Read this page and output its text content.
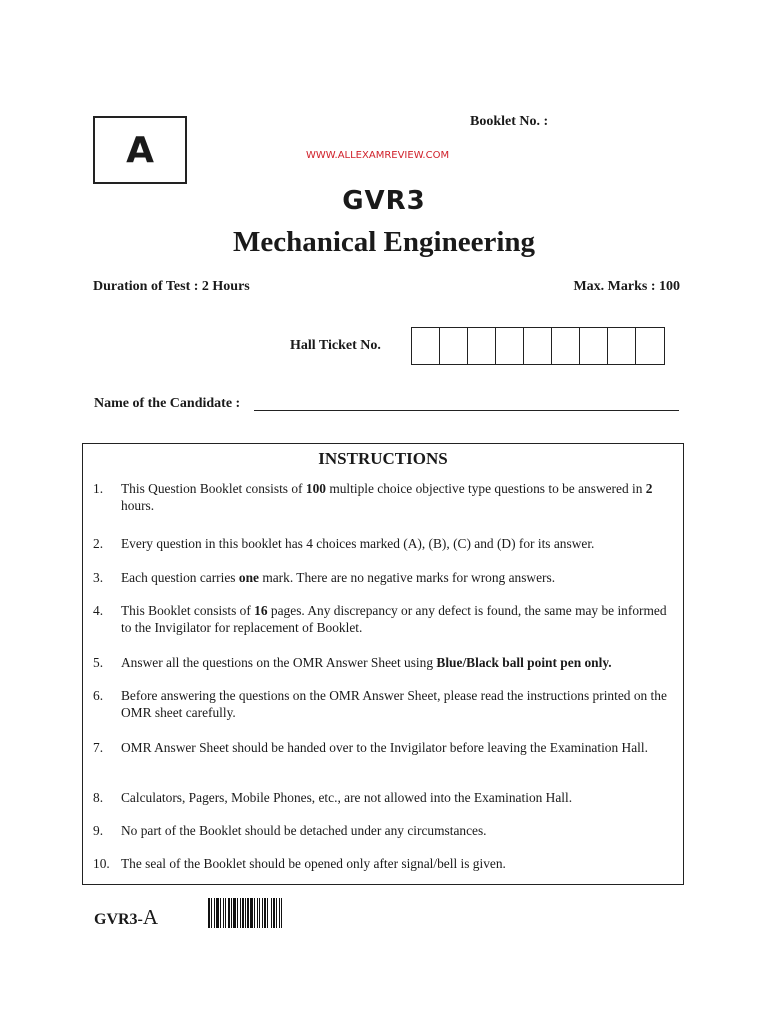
A
Booklet No. :
WWW.ALLEXAMREVIEW.COM
GVR3
Mechanical Engineering
Duration of Test : 2 Hours	Max. Marks : 100
Hall Ticket No.
Name of the Candidate :
INSTRUCTIONS
1. This Question Booklet consists of 100 multiple choice objective type questions to be answered in 2 hours.
2. Every question in this booklet has 4 choices marked (A), (B), (C) and (D) for its answer.
3. Each question carries one mark. There are no negative marks for wrong answers.
4. This Booklet consists of 16 pages. Any discrepancy or any defect is found, the same may be informed to the Invigilator for replacement of Booklet.
5. Answer all the questions on the OMR Answer Sheet using Blue/Black ball point pen only.
6. Before answering the questions on the OMR Answer Sheet, please read the instructions printed on the OMR sheet carefully.
7. OMR Answer Sheet should be handed over to the Invigilator before leaving the Examination Hall.
8. Calculators, Pagers, Mobile Phones, etc., are not allowed into the Examination Hall.
9. No part of the Booklet should be detached under any circumstances.
10. The seal of the Booklet should be opened only after signal/bell is given.
GVR3-A
